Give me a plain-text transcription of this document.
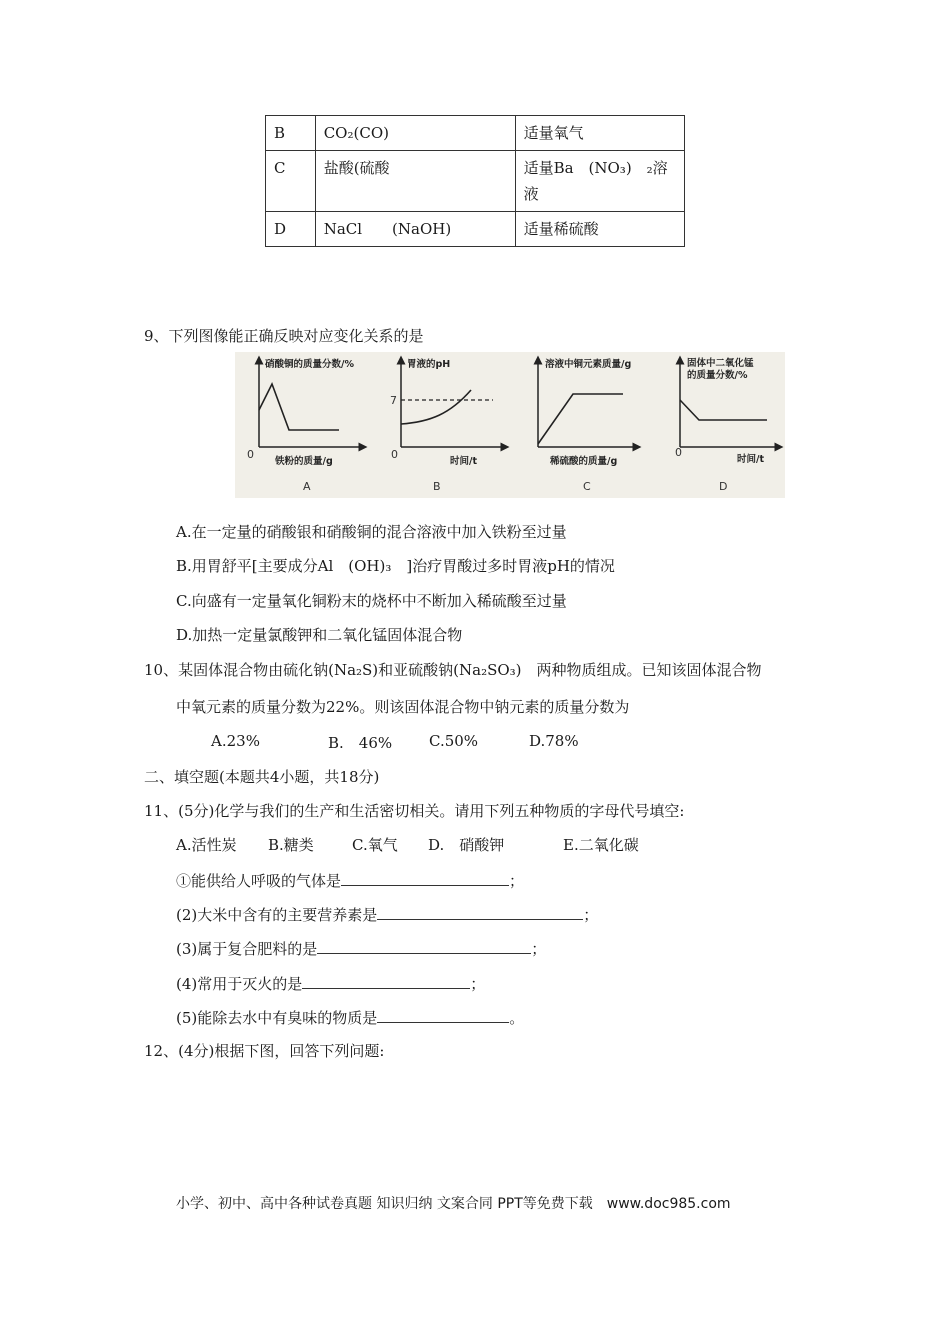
B	CO₂(CO)	适量氧气
C	盐酸(硫酸	适量Ba　(NO₃)　₂溶液
D	NaCl　　(NaOH)	适量稀硫酸
9、下列图像能正确反映对应变化关系的是
硝酸铜的质量分数/%
0
铁粉的质量/g
A
胃液的pH
7
0
时间/t
B
溶液中铜元素质量/g
稀硫酸的质量/g
C
固体中二氧化锰
的质量分数/%
0
时间/t
D
A.在一定量的硝酸银和硝酸铜的混合溶液中加入铁粉至过量
B.用胃舒平[主要成分Al　(OH)₃　]治疗胃酸过多时胃液pH的情况
C.向盛有一定量氧化铜粉末的烧杯中不断加入稀硫酸至过量
D.加热一定量氯酸钾和二氧化锰固体混合物
10、某固体混合物由硫化钠(Na₂S)和亚硫酸钠(Na₂SO₃)　两种物质组成。已知该固体混合物
中氧元素的质量分数为22%。则该固体混合物中钠元素的质量分数为
A.23%	B.　46% C.50%	D.78%
二、填空题(本题共4小题，共18分)
11、(5分)化学与我们的生产和生活密切相关。请用下列五种物质的字母代号填空:
A.活性炭 B.糖类	C.氧气 D.　硝酸钾	E.二氧化碳
①能供给人呼吸的气体是	；
(2)大米中含有的主要营养素是	；
(3)属于复合肥料的是	；
(4)常用于灭火的是	；
(5)能除去水中有臭味的物质是	。
12、(4分)根据下图，回答下列问题:
小学、初中、高中各种试卷真题 知识归纳 文案合同 PPT等免费下载　www.doc985.com
